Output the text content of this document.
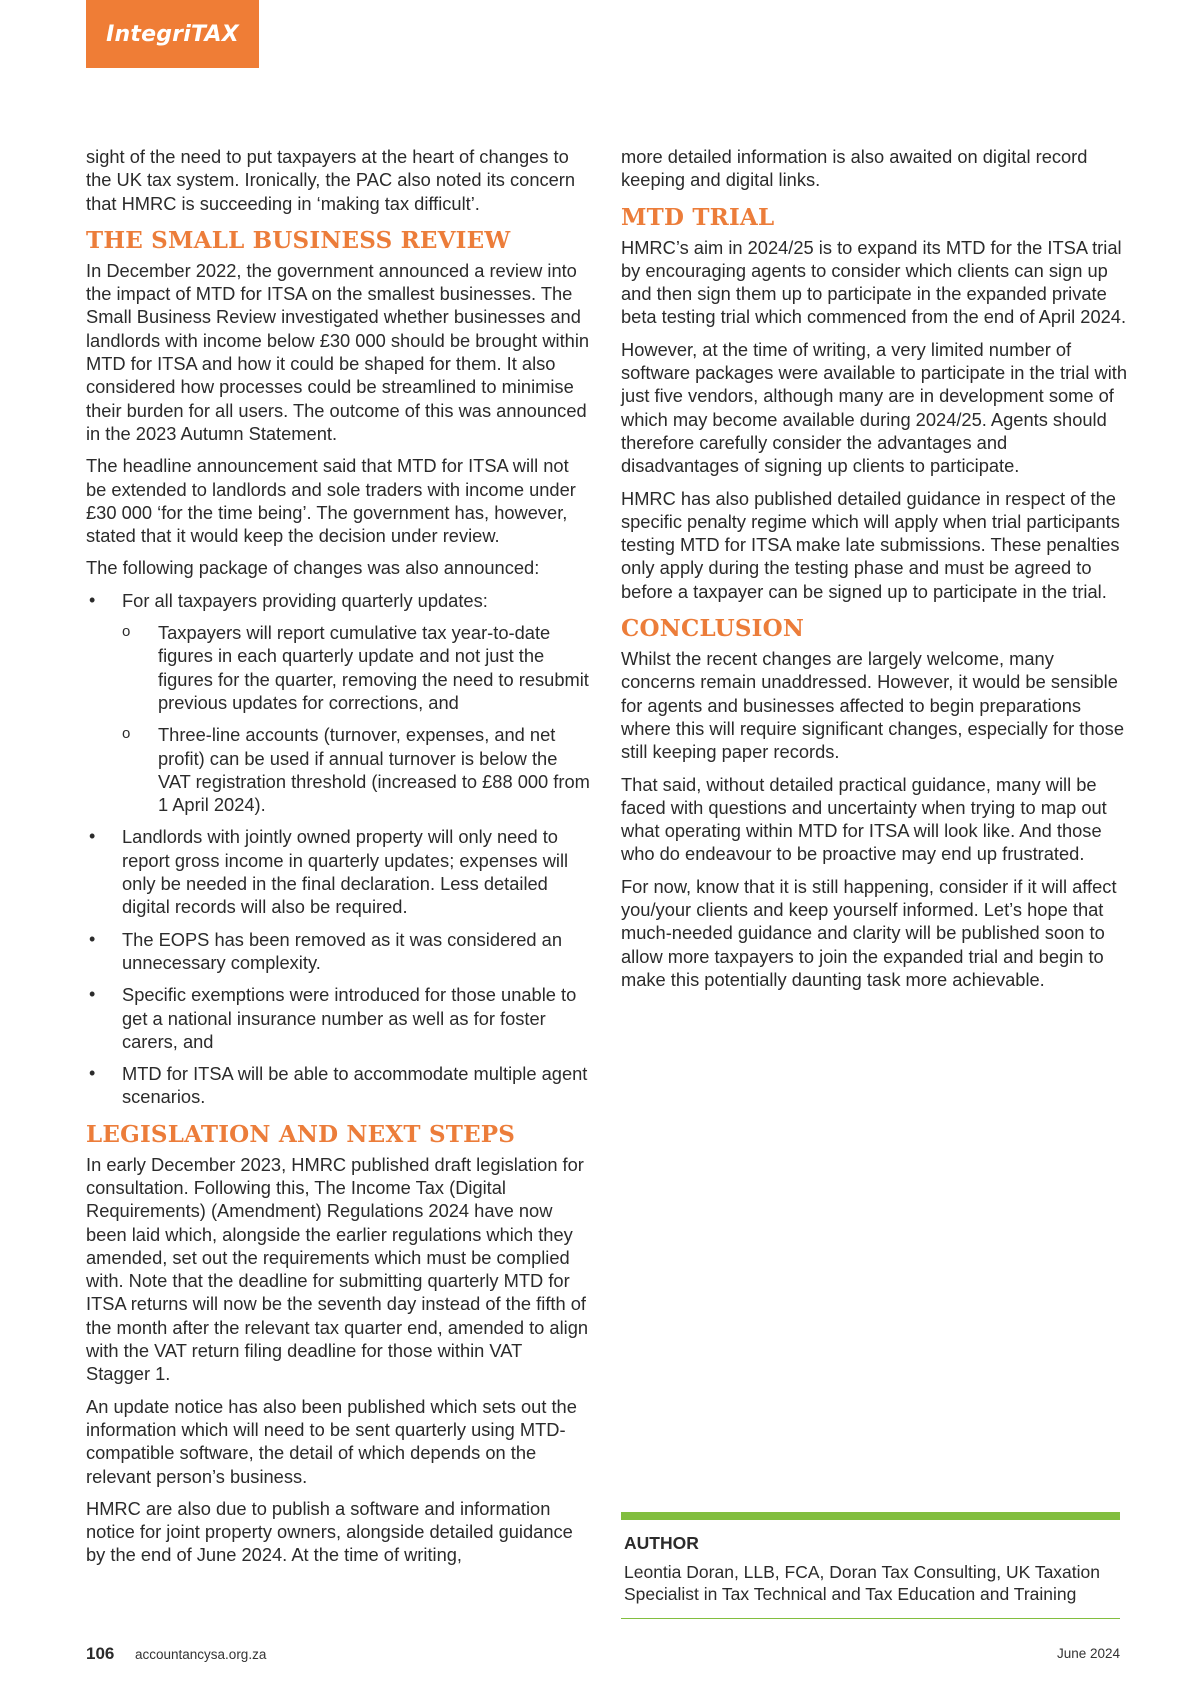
IntegriTAX

sight of the need to put taxpayers at the heart of changes to the UK tax system. Ironically, the PAC also noted its concern that HMRC is succeeding in ‘making tax difficult’.

THE SMALL BUSINESS REVIEW

In December 2022, the government announced a review into the impact of MTD for ITSA on the smallest businesses. The Small Business Review investigated whether businesses and landlords with income below £30 000 should be brought within MTD for ITSA and how it could be shaped for them. It also considered how processes could be streamlined to minimise their burden for all users. The outcome of this was announced in the 2023 Autumn Statement.

The headline announcement said that MTD for ITSA will not be extended to landlords and sole traders with income under £30 000 ‘for the time being’. The government has, however, stated that it would keep the decision under review.

The following package of changes was also announced:

• For all taxpayers providing quarterly updates:
o Taxpayers will report cumulative tax year-to-date figures in each quarterly update and not just the figures for the quarter, removing the need to resubmit previous updates for corrections, and
o Three-line accounts (turnover, expenses, and net profit) can be used if annual turnover is below the VAT registration threshold (increased to £88 000 from 1 April 2024).
• Landlords with jointly owned property will only need to report gross income in quarterly updates; expenses will only be needed in the final declaration. Less detailed digital records will also be required.
• The EOPS has been removed as it was considered an unnecessary complexity.
• Specific exemptions were introduced for those unable to get a national insurance number as well as for foster carers, and
• MTD for ITSA will be able to accommodate multiple agent scenarios.
LEGISLATION AND NEXT STEPS

In early December 2023, HMRC published draft legislation for consultation. Following this, The Income Tax (Digital Requirements) (Amendment) Regulations 2024 have now been laid which, alongside the earlier regulations which they amended, set out the requirements which must be complied with. Note that the deadline for submitting quarterly MTD for ITSA returns will now be the seventh day instead of the fifth of the month after the relevant tax quarter end, amended to align with the VAT return filing deadline for those within VAT Stagger 1.

An update notice has also been published which sets out the information which will need to be sent quarterly using MTD-compatible software, the detail of which depends on the relevant person’s business.

HMRC are also due to publish a software and information notice for joint property owners, alongside detailed guidance by the end of June 2024. At the time of writing,

more detailed information is also awaited on digital record keeping and digital links.

MTD TRIAL

HMRC’s aim in 2024/25 is to expand its MTD for the ITSA trial by encouraging agents to consider which clients can sign up and then sign them up to participate in the expanded private beta testing trial which commenced from the end of April 2024.

However, at the time of writing, a very limited number of software packages were available to participate in the trial with just five vendors, although many are in development some of which may become available during 2024/25. Agents should therefore carefully consider the advantages and disadvantages of signing up clients to participate.

HMRC has also published detailed guidance in respect of the specific penalty regime which will apply when trial participants testing MTD for ITSA make late submissions. These penalties only apply during the testing phase and must be agreed to before a taxpayer can be signed up to participate in the trial.

CONCLUSION

Whilst the recent changes are largely welcome, many concerns remain unaddressed. However, it would be sensible for agents and businesses affected to begin preparations where this will require significant changes, especially for those still keeping paper records.

That said, without detailed practical guidance, many will be faced with questions and uncertainty when trying to map out what operating within MTD for ITSA will look like. And those who do endeavour to be proactive may end up frustrated.

For now, know that it is still happening, consider if it will affect you/your clients and keep yourself informed. Let’s hope that much-needed guidance and clarity will be published soon to allow more taxpayers to join the expanded trial and begin to make this potentially daunting task more achievable.

AUTHOR
Leontia Doran, LLB, FCA, Doran Tax Consulting, UK Taxation Specialist in Tax Technical and Tax Education and Training
106 accountancysa.org.za	June 2024
